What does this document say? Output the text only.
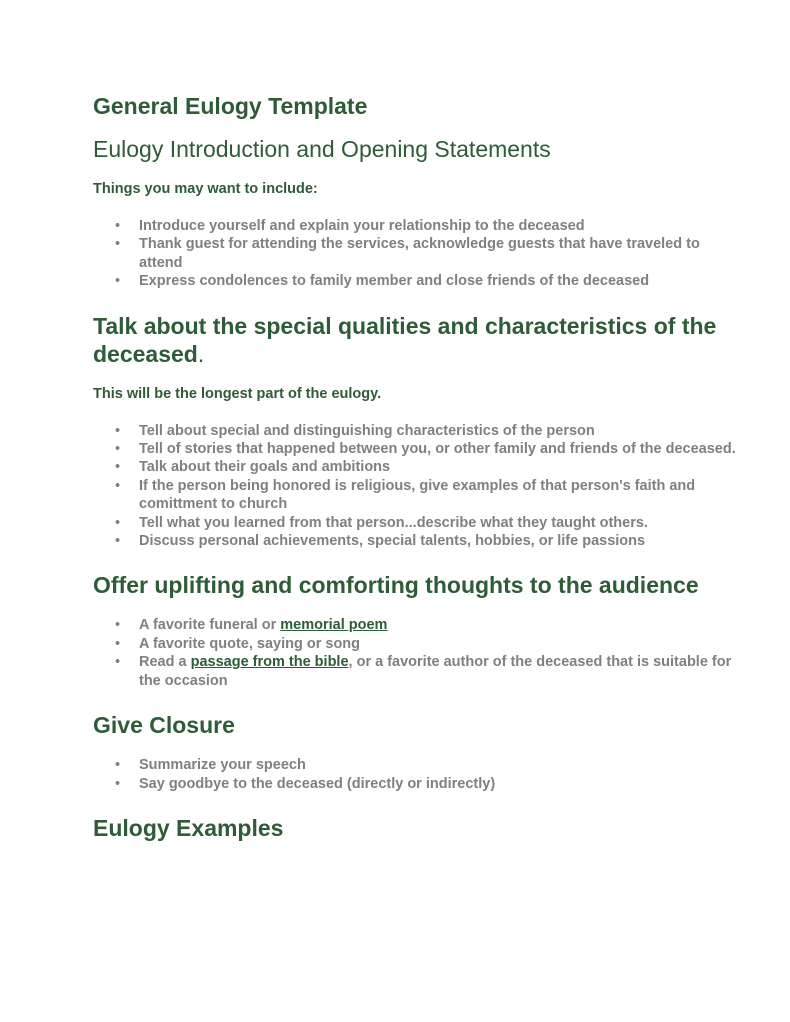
General Eulogy Template
Eulogy Introduction and Opening Statements

Things you may want to include:

• Introduce yourself and explain your relationship to the deceased
• Thank guest for attending the services, acknowledge guests that have traveled to attend
• Express condolences to family member and close friends of the deceased
Talk about the special qualities and characteristics of the deceased.

This will be the longest part of the eulogy.

• Tell about special and distinguishing characteristics of the person
• Tell of stories that happened between you, or other family and friends of the deceased.
• Talk about their goals and ambitions
• If the person being honored is religious, give examples of that person's faith and comittment to church
• Tell what you learned from that person...describe what they taught others.
• Discuss personal achievements, special talents, hobbies, or life passions
Offer uplifting and comforting thoughts to the audience
• A favorite funeral or memorial poem
• A favorite quote, saying or song
• Read a passage from the bible, or a favorite author of the deceased that is suitable for the occasion
Give Closure
• Summarize your speech
• Say goodbye to the deceased (directly or indirectly)
Eulogy Examples
